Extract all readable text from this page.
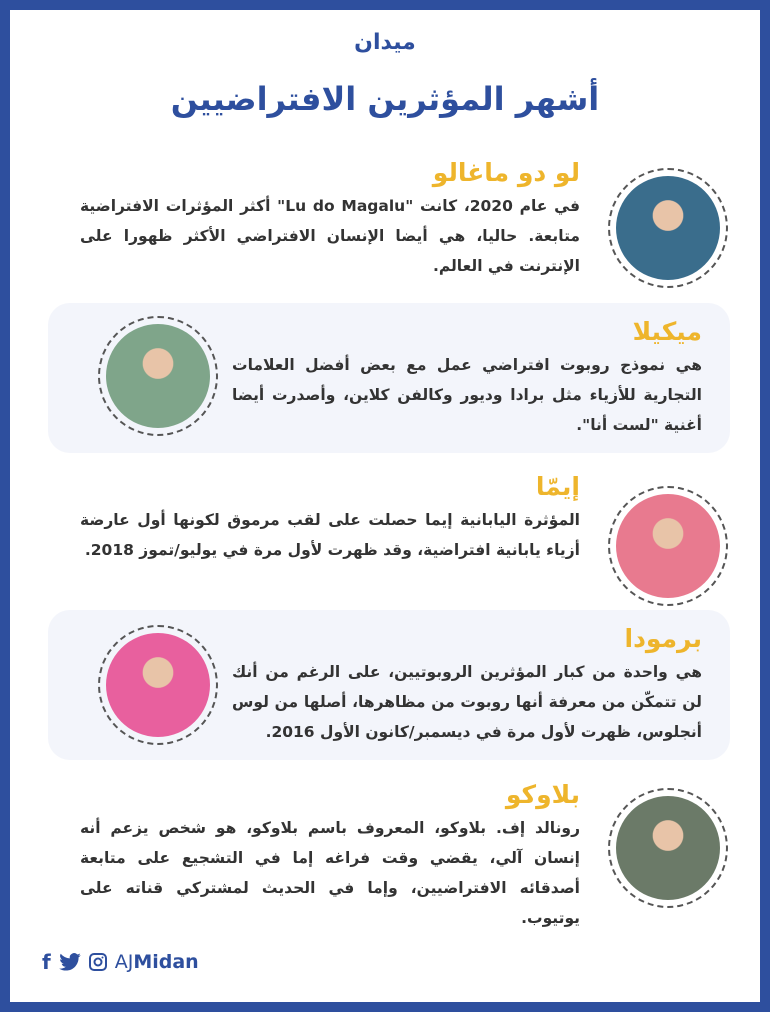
ميدان
أشهر المؤثرين الافتراضيين
لو دو ماغالو
في عام 2020، كانت "Lu do Magalu" أكثر المؤثرات الافتراضية متابعة. حاليا، هي أيضا الإنسان الافتراضي الأكثر ظهورا على الإنترنت في العالم.
ميكيلا
هي نموذج روبوت افتراضي عمل مع بعض أفضل العلامات التجارية للأزياء مثل برادا وديور وكالفن كلاين، وأصدرت أيضا أغنية "لست أنا".
إيمّا
المؤثرة اليابانية إيما حصلت على لقب مرموق لكونها أول عارضة أزياء يابانية افتراضية، وقد ظهرت لأول مرة في يوليو/تموز 2018.
برمودا
هي واحدة من كبار المؤثرين الروبوتيين، على الرغم من أنك لن تتمكّن من معرفة أنها روبوت من مظاهرها، أصلها من لوس أنجلوس، ظهرت لأول مرة في ديسمبر/كانون الأول 2016.
بلاوكو
رونالد إف. بلاوكو، المعروف باسم بلاوكو، هو شخص يزعم أنه إنسان آلي، يقضي وقت فراغه إما في التشجيع على متابعة أصدقائه الافتراضيين، وإما في الحديث لمشتركي قناته على يوتيوب.
f	AJMidan
